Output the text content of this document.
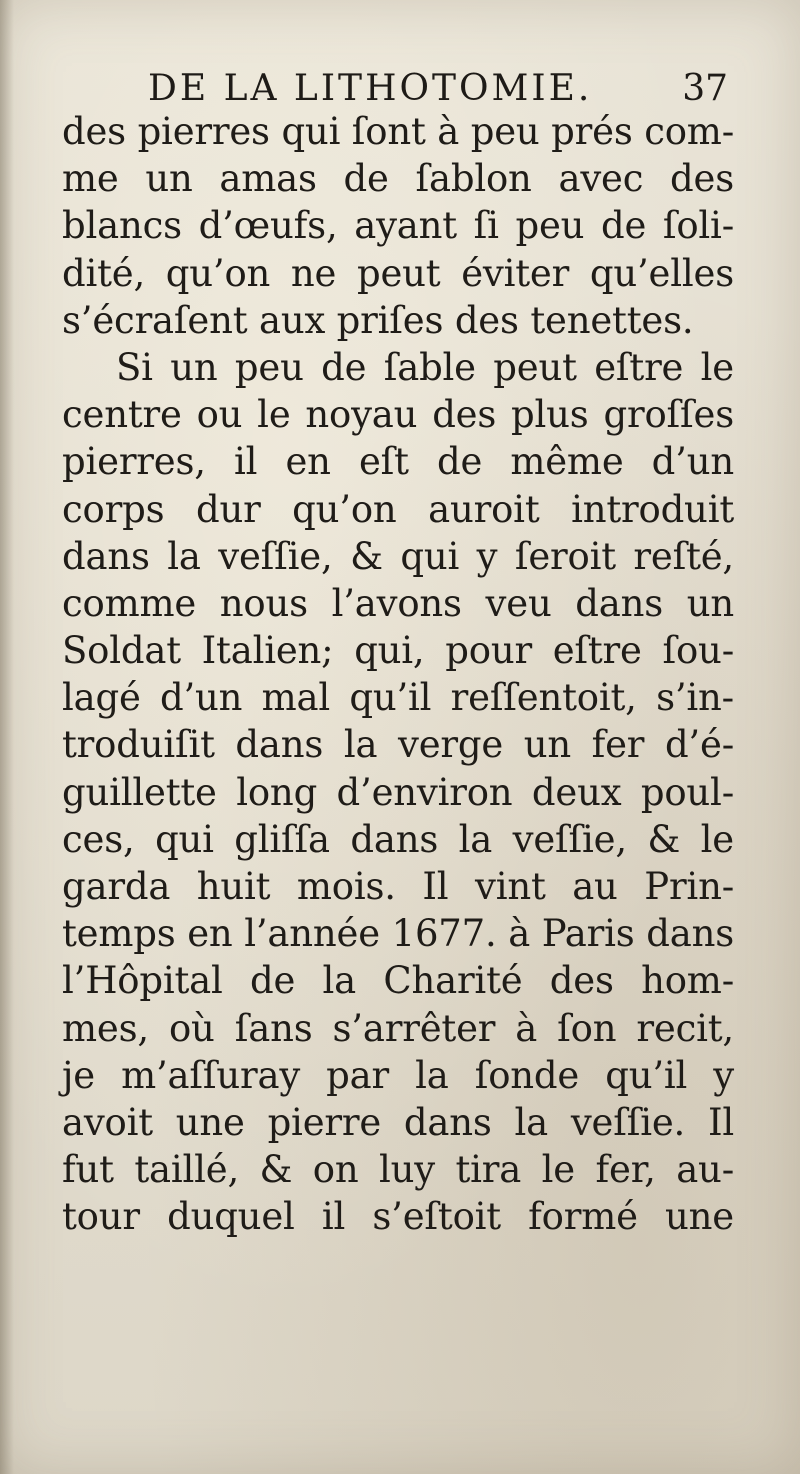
DE LA LITHOTOMIE. 37
des pierres qui ſont à peu prés com-
me un amas de ſablon avec des
blancs d’œufs, ayant ſi peu de ſoli-
dité, qu’on ne peut éviter qu’elles
s’écraſent aux priſes des tenettes.
Si un peu de ſable peut eſtre le
centre ou le noyau des plus groſſes
pierres, il en eſt de même d’un
corps dur qu’on auroit introduit
dans la veſſie, & qui y ſeroit reſté,
comme nous l’avons veu dans un
Soldat Italien; qui, pour eſtre ſou-
lagé d’un mal qu’il reſſentoit, s’in-
troduiſit dans la verge un fer d’é-
guillette long d’environ deux poul-
ces, qui gliſſa dans la veſſie, & le
garda huit mois. Il vint au Prin-
temps en l’année 1677. à Paris dans
l’Hôpital de la Charité des hom-
mes, où ſans s’arrêter à ſon recit,
je m’aſſuray par la ſonde qu’il y
avoit une pierre dans la veſſie. Il
fut taillé, & on luy tira le fer, au-
tour duquel il s’eſtoit formé une
